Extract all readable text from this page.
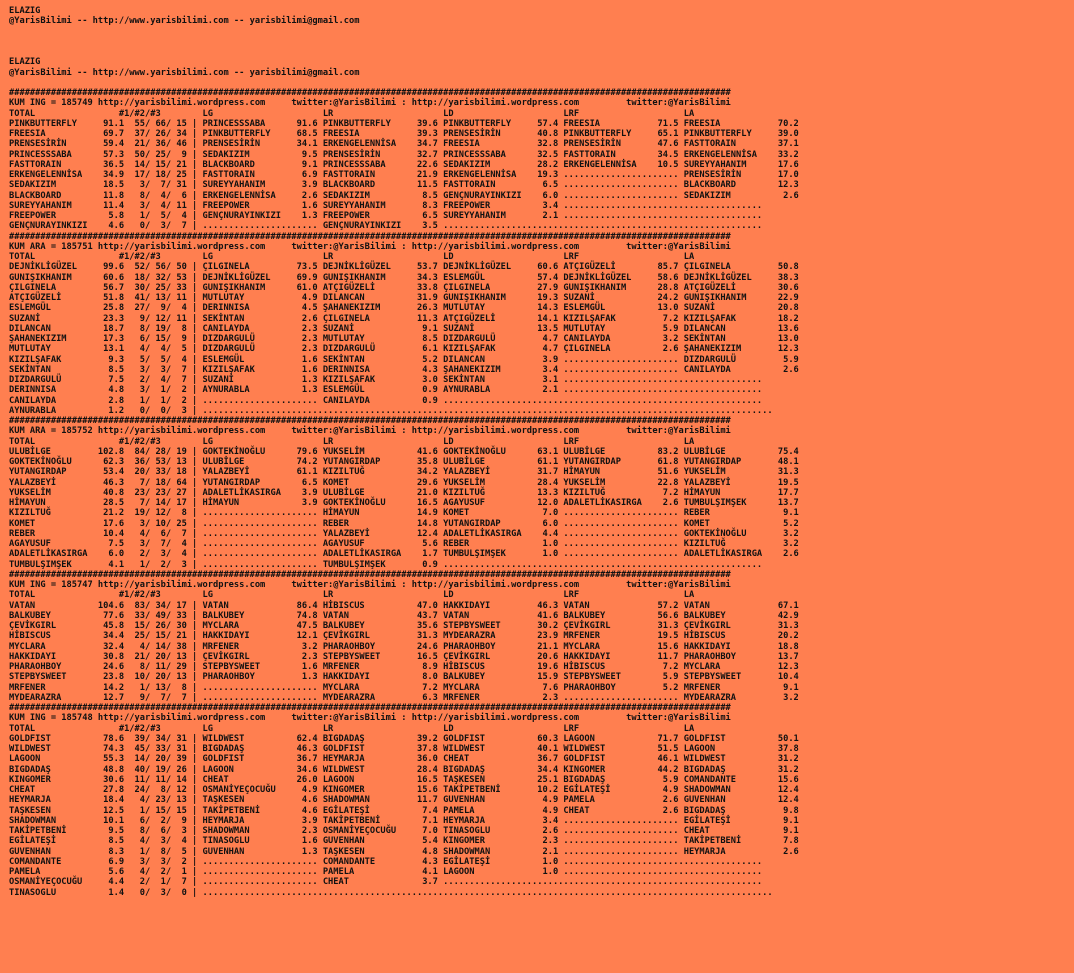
ELAZIG
@YarisBilimi -- http://www.yarisbilimi.com -- yarisbilimi@gmail.com

ELAZIG
@YarisBilimi -- http://www.yarisbilimi.com -- yarisbilimi@gmail.com

##########################################################################################################################################
KUM ING = 185749 http://yarisbilimi.wordpress.com     twitter:@YarisBilimi : http://yarisbilimi.wordpress.com         twitter:@YarisBilimi
TOTAL                #1/#2/#3        LG                     LR                     LD                     LRF                    LA
PINKBUTTERFLY     91.1  55/ 66/ 15 | PRINCESSSABA      91.6 PINKBUTTERFLY     39.6 PINKBUTTERFLY     57.4 FREESIA           71.5 FREESIA           70.2
FREESIA           69.7  37/ 26/ 34 | PINKBUTTERFLY     68.5 FREESIA           39.3 PRENSESİRİN       40.8 PINKBUTTERFLY     65.1 PINKBUTTERFLY     39.0
PRENSESİRİN       59.4  21/ 36/ 46 | PRENSESİRİN       34.1 ERKENGELENNİSA    34.7 FREESIA           32.8 PRENSESİRİN       47.6 FASTTORAIN        37.1
PRINCESSSABA      57.3  50/ 25/  9 | SEDAKIZIM          9.5 PRENSESİRİN       32.7 PRINCESSSABA      32.5 FASTTORAIN        34.5 ERKENGELENNİSA    33.2
FASTTORAIN        36.5  14/ 15/ 21 | BLACKBOARD         9.1 PRINCESSSABA      22.6 SEDAKIZIM         28.2 ERKENGELENNİSA    10.5 SUREYYAHANIM      17.6
ERKENGELENNİSA    34.9  17/ 18/ 25 | FASTTORAIN         6.9 FASTTORAIN        21.9 ERKENGELENNİSA    19.3 ...................... PRENSESİRİN       17.0
SEDAKIZIM         18.5   3/  7/ 31 | SUREYYAHANIM       3.9 BLACKBOARD        11.5 FASTTORAIN         6.5 ...................... BLACKBOARD        12.3
BLACKBOARD        11.8   8/  4/  6 | ERKENGELENNİSA     2.6 SEDAKIZIM          8.5 GENÇNURAYINKIZI    6.0 ...................... SEDAKIZIM          2.6
SUREYYAHANIM      11.4   3/  4/ 11 | FREEPOWER          1.6 SUREYYAHANIM       8.3 FREEPOWER          3.4 ......................................
FREEPOWER          5.8   1/  5/  4 | GENÇNURAYINKIZI    1.3 FREEPOWER          6.5 SUREYYAHANIM       2.1 ......................................
GENÇNURAYINKIZI    4.6   0/  3/  7 | ...................... GENÇNURAYINKIZI    3.5 .............................................................
##########################################################################################################################################
KUM ARA = 185751 http://yarisbilimi.wordpress.com     twitter:@YarisBilimi : http://yarisbilimi.wordpress.com         twitter:@YarisBilimi
TOTAL                #1/#2/#3        LG                     LR                     LD                     LRF                    LA
DEJNİKLİGÜZEL     99.6  52/ 56/ 50 | ÇILGINELA         73.5 DEJNİKLİGÜZEL     53.7 DEJNİKLİGÜZEL     60.6 ATÇIGÜZELİ        85.7 ÇILGINELA         50.8
GUNIŞIKHANIM      60.6  18/ 32/ 53 | DEJNİKLİGÜZEL     69.9 GUNIŞIKHANIM      34.3 ESLEMGÜL          57.4 DEJNİKLİGÜZEL     58.6 DEJNİKLİGÜZEL     38.3
ÇILGINELA         56.7  30/ 25/ 33 | GUNIŞIKHANIM      61.0 ATÇIGÜZELİ        33.8 ÇILGINELA         27.9 GUNIŞIKHANIM      28.8 ATÇIGÜZELİ        30.6
ATÇIGÜZELİ        51.8  41/ 13/ 11 | MUTLUTAY           4.9 DILANCAN          31.9 GUNIŞIKHANIM      19.3 SUZANİ            24.2 GUNIŞIKHANIM      22.9
ESLEMGÜL          25.8  27/  9/  4 | DERINNISA          4.5 ŞAHANEKIZIM       26.3 MUTLUTAY          14.3 ESLEMGÜL          13.0 SUZANİ            20.8
SUZANİ            23.3   9/ 12/ 11 | SEKİNTAN           2.6 ÇILGINELA         11.3 ATÇIGÜZELİ        14.1 KIZILŞAFAK         7.2 KIZILŞAFAK        18.2
DILANCAN          18.7   8/ 19/  8 | CANILAYDA          2.3 SUZANİ             9.1 SUZANİ            13.5 MUTLUTAY           5.9 DILANCAN          13.6
ŞAHANEKIZIM       17.3   6/ 15/  9 | DIZDARGULÜ         2.3 MUTLUTAY           8.5 DIZDARGULÜ         4.7 CANILAYDA          3.2 SEKİNTAN          13.0
MUTLUTAY          13.1   4/  4/  5 | DIZDARGULÜ         2.3 DIZDARGULÜ         6.1 KIZILŞAFAK         4.7 ÇILGINELA          2.6 ŞAHANEKIZIM       12.3
KIZILŞAFAK         9.3   5/  5/  4 | ESLEMGÜL           1.6 SEKİNTAN           5.2 DILANCAN           3.9 ...................... DIZDARGULÜ         5.9
SEKİNTAN           8.5   3/  3/  7 | KIZILŞAFAK         1.6 DERINNISA          4.3 ŞAHANEKIZIM        3.4 ...................... CANILAYDA          2.6
DIZDARGULÜ         7.5   2/  4/  7 | SUZANİ             1.3 KIZILŞAFAK         3.0 SEKİNTAN           3.1 ......................................
DERINNISA          4.8   3/  1/  2 | AYNURABLA          1.3 ESLEMGÜL           0.9 AYNURABLA          2.1 ......................................
CANILAYDA          2.8   1/  1/  2 | ...................... CANILAYDA          0.9 .............................................................
AYNURABLA          1.2   0/  0/  3 | .............................................................................................................
##########################################################################################################################################
KUM ARA = 185752 http://yarisbilimi.wordpress.com     twitter:@YarisBilimi : http://yarisbilimi.wordpress.com         twitter:@YarisBilimi
TOTAL                #1/#2/#3        LG                     LR                     LD                     LRF                    LA
ULUBİLGE         102.8  84/ 28/ 19 | GOKTEKİNOĞLU      79.6 YUKSELİM          41.6 GOKTEKİNOĞLU      63.1 ULUBİLGE          83.2 ULUBİLGE          75.4
GOKTEKİNOĞLU      62.3  36/ 53/ 13 | ULUBİLGE          74.2 YUTANGIRDAP       35.8 ULUBİLGE          61.1 YUTANGIRDAP       61.8 YUTANGIRDAP       48.1
YUTANGIRDAP       53.4  20/ 33/ 18 | YALAZBEYİ         61.1 KIZILTUĞ          34.2 YALAZBEYİ         31.7 HİMAYUN           51.6 YUKSELİM          31.3
YALAZBEYİ         46.3   7/ 18/ 64 | YUTANGIRDAP        6.5 KOMET             29.6 YUKSELİM          28.4 YUKSELİM          22.8 YALAZBEYİ         19.5
YUKSELİM          40.8  23/ 23/ 27 | ADALETLİKASIRGA    3.9 ULUBİLGE          21.0 KIZILTUĞ          13.3 KIZILTUĞ           7.2 HİMAYUN           17.7
HİMAYUN           28.5   7/ 14/ 17 | HİMAYUN            3.9 GOKTEKİNOĞLU      16.5 AGAYUSUF          12.0 ADALETLİKASIRGA    2.6 TUMBULŞIMŞEK      13.7
KIZILTUĞ          21.2  19/ 12/  8 | ...................... HİMAYUN           14.9 KOMET              7.0 ...................... REBER              9.1
KOMET             17.6   3/ 10/ 25 | ...................... REBER             14.8 YUTANGIRDAP        6.0 ...................... KOMET              5.2
REBER             10.4   4/  6/  7 | ...................... YALAZBEYİ         12.4 ADALETLİKASIRGA    4.4 ...................... GOKTEKİNOĞLU       3.2
AGAYUSUF           7.5   3/  7/  4 | ...................... AGAYUSUF           5.6 REBER              1.0 ...................... KIZILTUĞ           3.2
ADALETLİKASIRGA    6.0   2/  3/  4 | ...................... ADALETLİKASIRGA    1.7 TUMBULŞIMŞEK       1.0 ...................... ADALETLİKASIRGA    2.6
TUMBULŞIMŞEK       4.1   1/  2/  3 | ...................... TUMBULŞIMŞEK       0.9 .............................................................
##########################################################################################################################################
KUM ING = 185747 http://yarisbilimi.wordpress.com     twitter:@YarisBilimi : http://yarisbilimi.wordpress.com         twitter:@YarisBilimi
TOTAL                #1/#2/#3        LG                     LR                     LD                     LRF                    LA
VATAN            104.6  83/ 34/ 17 | VATAN             86.4 HİBISCUS          47.0 HAKKIDAYI         46.3 VATAN             57.2 VATAN             67.1
BALKUBEY          77.6  33/ 49/ 33 | BALKUBEY          74.8 VATAN             43.7 VATAN             41.6 BALKUBEY          56.6 BALKUBEY          42.9
ÇEVİKGIRL         45.8  15/ 26/ 30 | MYCLARA           47.5 BALKUBEY          35.6 STEPBYSWEET       30.2 ÇEVİKGIRL         31.3 ÇEVİKGIRL         31.3
HİBISCUS          34.4  25/ 15/ 21 | HAKKIDAYI         12.1 ÇEVİKGIRL         31.3 MYDEARAZRA        23.9 MRFENER           19.5 HİBISCUS          20.2
MYCLARA           32.4   4/ 14/ 38 | MRFENER            3.2 PHARAOHBOY        24.6 PHARAOHBOY        21.1 MYCLARA           15.6 HAKKIDAYI         18.8
HAKKIDAYI         30.8  21/ 20/ 13 | ÇEVİKGIRL          2.3 STEPBYSWEET       16.5 ÇEVİKGIRL         20.6 HAKKIDAYI         11.7 PHARAOHBOY        13.7
PHARAOHBOY        24.6   8/ 11/ 29 | STEPBYSWEET        1.6 MRFENER            8.9 HİBISCUS          19.6 HİBISCUS           7.2 MYCLARA           12.3
STEPBYSWEET       23.8  10/ 20/ 13 | PHARAOHBOY         1.3 HAKKIDAYI          8.0 BALKUBEY          15.9 STEPBYSWEET        5.9 STEPBYSWEET       10.4
MRFENER           14.2   1/ 13/  8 | ...................... MYCLARA            7.2 MYCLARA            7.6 PHARAOHBOY         5.2 MRFENER            9.1
MYDEARAZRA        12.7   9/  7/  7 | ...................... MYDEARAZRA         6.3 MRFENER            2.3 ...................... MYDEARAZRA         3.2
##########################################################################################################################################
KUM ING = 185748 http://yarisbilimi.wordpress.com     twitter:@YarisBilimi : http://yarisbilimi.wordpress.com         twitter:@YarisBilimi
TOTAL                #1/#2/#3        LG                     LR                     LD                     LRF                    LA
GOLDFIST          78.6  39/ 34/ 31 | WILDWEST          62.4 BIGDADAŞ          39.2 GOLDFIST          60.3 LAGOON            71.7 GOLDFIST          50.1
WILDWEST          74.3  45/ 33/ 31 | BIGDADAŞ          46.3 GOLDFIST          37.8 WILDWEST          40.1 WILDWEST          51.5 LAGOON            37.8
LAGOON            55.3  14/ 20/ 39 | GOLDFIST          36.7 HEYMARJA          36.0 CHEAT             36.7 GOLDFIST          46.1 WILDWEST          31.2
BIGDADAŞ          48.8  40/ 19/ 26 | LAGOON            34.6 WILDWEST          28.4 BIGDADAŞ          34.4 KINGOMER          44.2 BIGDADAŞ          31.2
KINGOMER          30.6  11/ 11/ 14 | CHEAT             26.0 LAGOON            16.5 TAŞKESEN          25.1 BIGDADAŞ           5.9 COMANDANTE        15.6
CHEAT             27.8  24/  8/ 12 | OSMANİYEÇOCUĞU     4.9 KINGOMER          15.6 TAKİPETBENİ       10.2 EGİLATEŞİ          4.9 SHADOWMAN         12.4
HEYMARJA          18.4   4/ 23/ 13 | TAŞKESEN           4.6 SHADOWMAN         11.7 GUVENHAN           4.9 PAMELA             2.6 GUVENHAN          12.4
TAŞKESEN          12.5   1/ 15/ 15 | TAKİPETBENİ        4.6 EGİLATEŞİ          7.4 PAMELA             4.9 CHEAT              2.6 BIGDADAŞ           9.8
SHADOWMAN         10.1   6/  2/  9 | HEYMARJA           3.9 TAKİPETBENİ        7.1 HEYMARJA           3.4 ...................... EGİLATEŞİ          9.1
TAKİPETBENİ        9.5   8/  6/  3 | SHADOWMAN          2.3 OSMANİYEÇOCUĞU     7.0 TINASOGLU          2.6 ...................... CHEAT              9.1
EGİLATEŞİ          8.5   4/  3/  4 | TINASOGLU          1.6 GUVENHAN           5.4 KINGOMER           2.3 ...................... TAKİPETBENİ        7.8
GUVENHAN           8.3   1/  8/  5 | GUVENHAN           1.3 TAŞKESEN           4.8 SHADOWMAN          2.1 ...................... HEYMARJA           2.6
COMANDANTE         6.9   3/  3/  2 | ...................... COMANDANTE         4.3 EGİLATEŞİ          1.0 ......................................
PAMELA             5.6   4/  2/  1 | ...................... PAMELA             4.1 LAGOON             1.0 ......................................
OSMANİYEÇOCUĞU     4.4   2/  1/  7 | ...................... CHEAT              3.7 .............................................................
TINASOGLU          1.4   0/  3/  0 | .............................................................................................................
